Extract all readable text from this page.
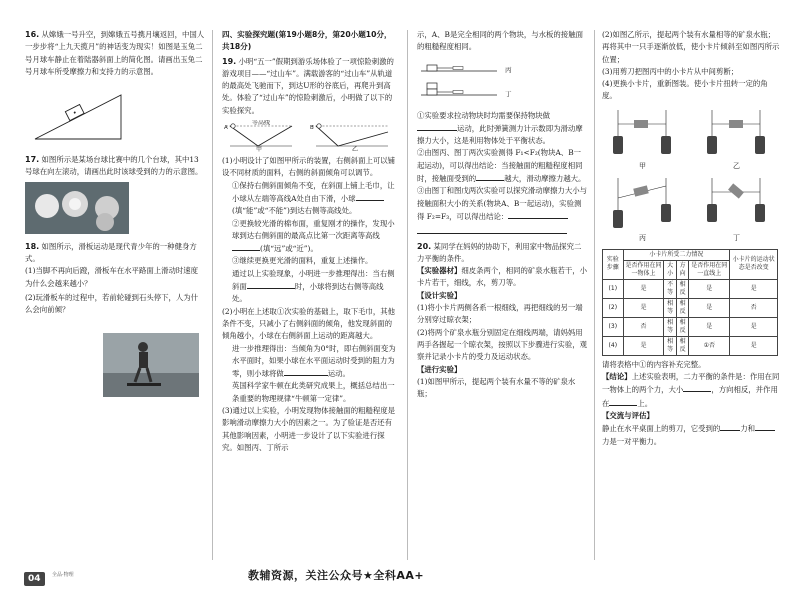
16. 从嫦娥一号升空，到嫦娥五号携月壤返回，中国人一步步将“上九天揽月”的神话变为现实！如图是玉兔二号月球车静止在着陆器斜面上的简化图。请画出玉兔二号月球车所受摩擦力和支持力的示意图。

17. 如图所示是某场台球比赛中的几个台球，其中13号球在向左滚动，请画出此时该球受到的力的示意图。

18. 如图所示，滑板运动是现代青少年的一种健身方式。

(1)当脚不再向后蹬，滑板车在水平路面上滑动时速度为什么会越来越小？

(2)玩滑板车的过程中，若前轮碰到石头停下，人为什么会向前倾？

四、实验探究题(第19小题8分，第20小题10分，共18分)

19. 小明“五一”假期到游乐场体验了一项惊险刺激的游戏项目——“过山车”。满载游客的“过山车”从轨道的最高处飞驰而下，到达U形的谷底后，再爬升到高处。体验了“过山车”的惊险刺激后，小明做了以下的实验探究。

等高线
A
甲
B
乙

(1)小明设计了如图甲所示的装置，右侧斜面上可以铺设不同材质的面料，右侧的斜面倾角可以调节。

①保持右侧斜面倾角不变，在斜面上铺上毛巾，让小球从左端等高线A处自由下滑，小球(填“能”或“不能”)到达右侧等高线处。

②更换较光滑的棉布面，重复刚才的操作，发现小球到达右侧斜面的最高点比第一次距离等高线(填“远”或“近”)。

③继续更换更光滑的面料，重复上述操作。

通过以上实验现象，小明进一步推理得出：当右侧斜面	时，小球将到达右侧等高线处。

(2)小明在上述取①次实验的基础上，取下毛巾，其他条件不变，只减小了右侧斜面的倾角，他发现斜面的倾角越小，小球在右侧斜面上运动的距离越大。

进一步推理得出：当倾角为0°时，即右侧斜面变为水平面时，如果小球在水平面运动时受到的阻力为零，则小球将做	运动。

英国科学家牛顿在此类研究成果上，概括总结出一条重要的物理规律“牛顿第一定律”。

(3)通过以上实验，小明发现物体接触面的粗糙程度是影响滑动摩擦力大小的因素之一。为了验证是否还有其他影响因素，小明进一步设计了以下实验进行探究。如图丙、丁所示

示，A、B是完全相同的两个物块，与水板的接触面的粗糙程度相同。

丙
丁

①实验要求拉动物块时均需要保持物块做运动，此时弹簧测力计示数即为滑动摩擦力大小，这是利用物体处于平衡状态。

②由图丙、图丁两次实验测得 F₁<F₂(物块A、B一起运动)，可以得出结论：当接触面的粗糙程度相同时，接触面受到的	越大，滑动摩擦力越大。

③由图丁和图戊两次实验可以探究滑动摩擦力大小与接触面积大小的关系(物块A、B一起运动)，实验测得 F₂=F₃，可以得出结论：

20. 某同学在妈妈的协助下，利用家中物品探究二力平衡的条件。

【实验器材】细皮条两个，相同的矿泉水瓶若干，小卡片若干，细线，水，剪刀等。

【设计实验】

(1)将小卡片两侧各系一根细线，再把细线的另一端分别穿过晾衣架；

(2)将两个矿泉水瓶分别固定在细线两端，请妈妈用两手各握起一个晾衣架，按照以下步骤进行实验，观察并记录小卡片的受力及运动状态。

【进行实验】

(1)如图甲所示，提起两个装有水量不等的矿泉水瓶；

(2)如图乙所示，提起两个装有水量相等的矿泉水瓶；再将其中一只手逐渐放低，使小卡片倾斜至如图丙所示位置；

(3)用剪刀把图丙中的小卡片从中间剪断；

(4)更换小卡片，重新图装。使小卡片扭转一定的角度。

甲	乙
丙	丁
实验步骤	小卡片所受二力情况				小卡片的运动状态是否改变
	是否作用在同一物体上	大小	方向	是否作用在同一直线上	
(1)	是	不等	相反	是	是
(2)	是	相等	相反	是	否
(3)	否	相等	相反	是	是
(4)	是	相等	相反	①否	是

请将表格中①的内容补充完整。

【结论】上述实验表明，二力平衡的条件是：作用在同一物体上的两个力，大小	，方向相反，并作用在	上。

【交流与评估】

静止在水平桌面上的剪刀，它受到的	力和力是一对平衡力。

04	全品·物理	教辅资源，关注公众号★全科AA+
